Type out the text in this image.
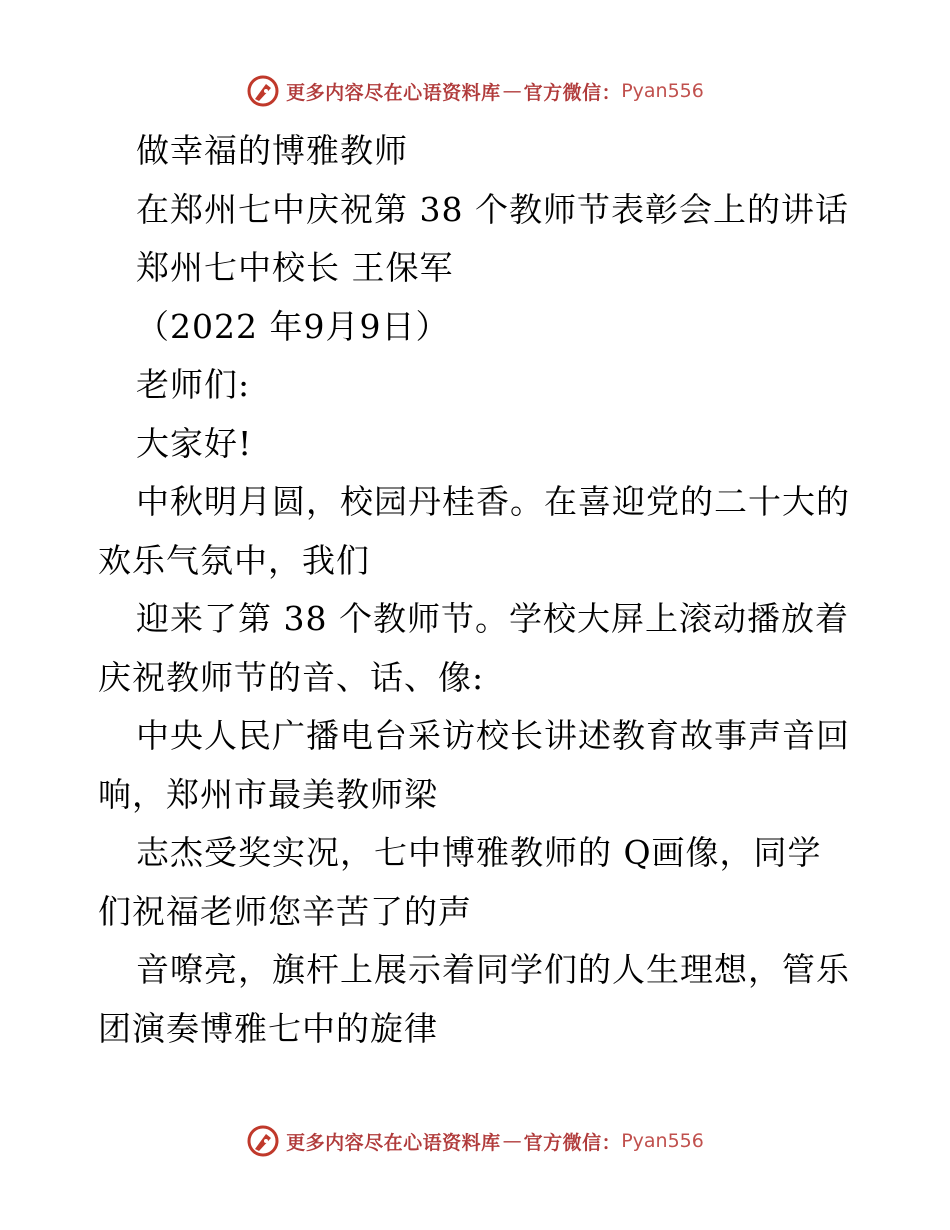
更多内容尽在心语资料库 — 官方微信： Pyan556
做幸福的博雅教师
在郑州七中庆祝第 38 个教师节表彰会上的讲话
郑州七中校长 王保军
（2022 年9月9日）
老师们:
大家好!
中秋明月圆，校园丹桂香。在喜迎党的二十大的
欢乐气氛中，我们
迎来了第 38 个教师节。学校大屏上滚动播放着
庆祝教师节的音、话、像:
中央人民广播电台采访校长讲述教育故事声音回
响，郑州市最美教师梁
志杰受奖实况，七中博雅教师的 Q画像，同学
们祝福老师您辛苦了的声
音嘹亮，旗杆上展示着同学们的人生理想，管乐
团演奏博雅七中的旋律
更多内容尽在心语资料库 — 官方微信： Pyan556
